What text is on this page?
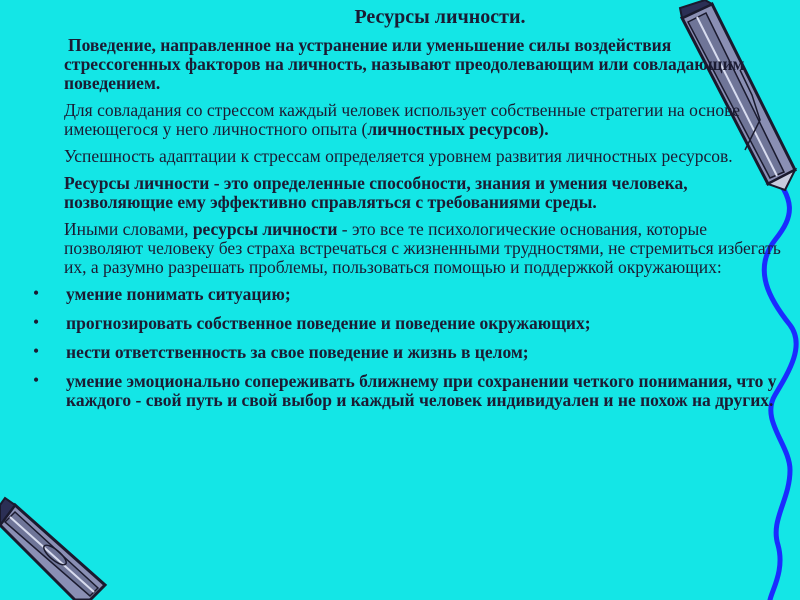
Ресурсы личности.

Поведение, направленное на устранение или уменьшение силы воздействия стрессогенных факторов на личность, называют преодолевающим или совладающим поведением.

Для совладания со стрессом каждый человек использует собственные стратегии на основе имеющегося у него личностного опыта (личностных ресурсов).

Успешность адаптации к стрессам определяется уровнем развития личностных ресурсов.

Ресурсы личности - это определенные способности, знания и умения человека, позволяющие ему эффективно справляться с требованиями среды.

Иными словами, ресурсы личности - это все те психологические основания, которые позволяют человеку без страха встречаться с жизненными трудностями, не стремиться избегать их, а разумно разрешать проблемы, пользоваться помощью и поддержкой окружающих:

• умение понимать ситуацию;
• прогнозировать собственное поведение и поведение окружающих;
• нести ответственность за свое поведение и жизнь в целом;
• умение эмоционально сопереживать ближнему при сохранении четкого понимания, что у каждого - свой путь и свой выбор и каждый человек индивидуален и не похож на других.
